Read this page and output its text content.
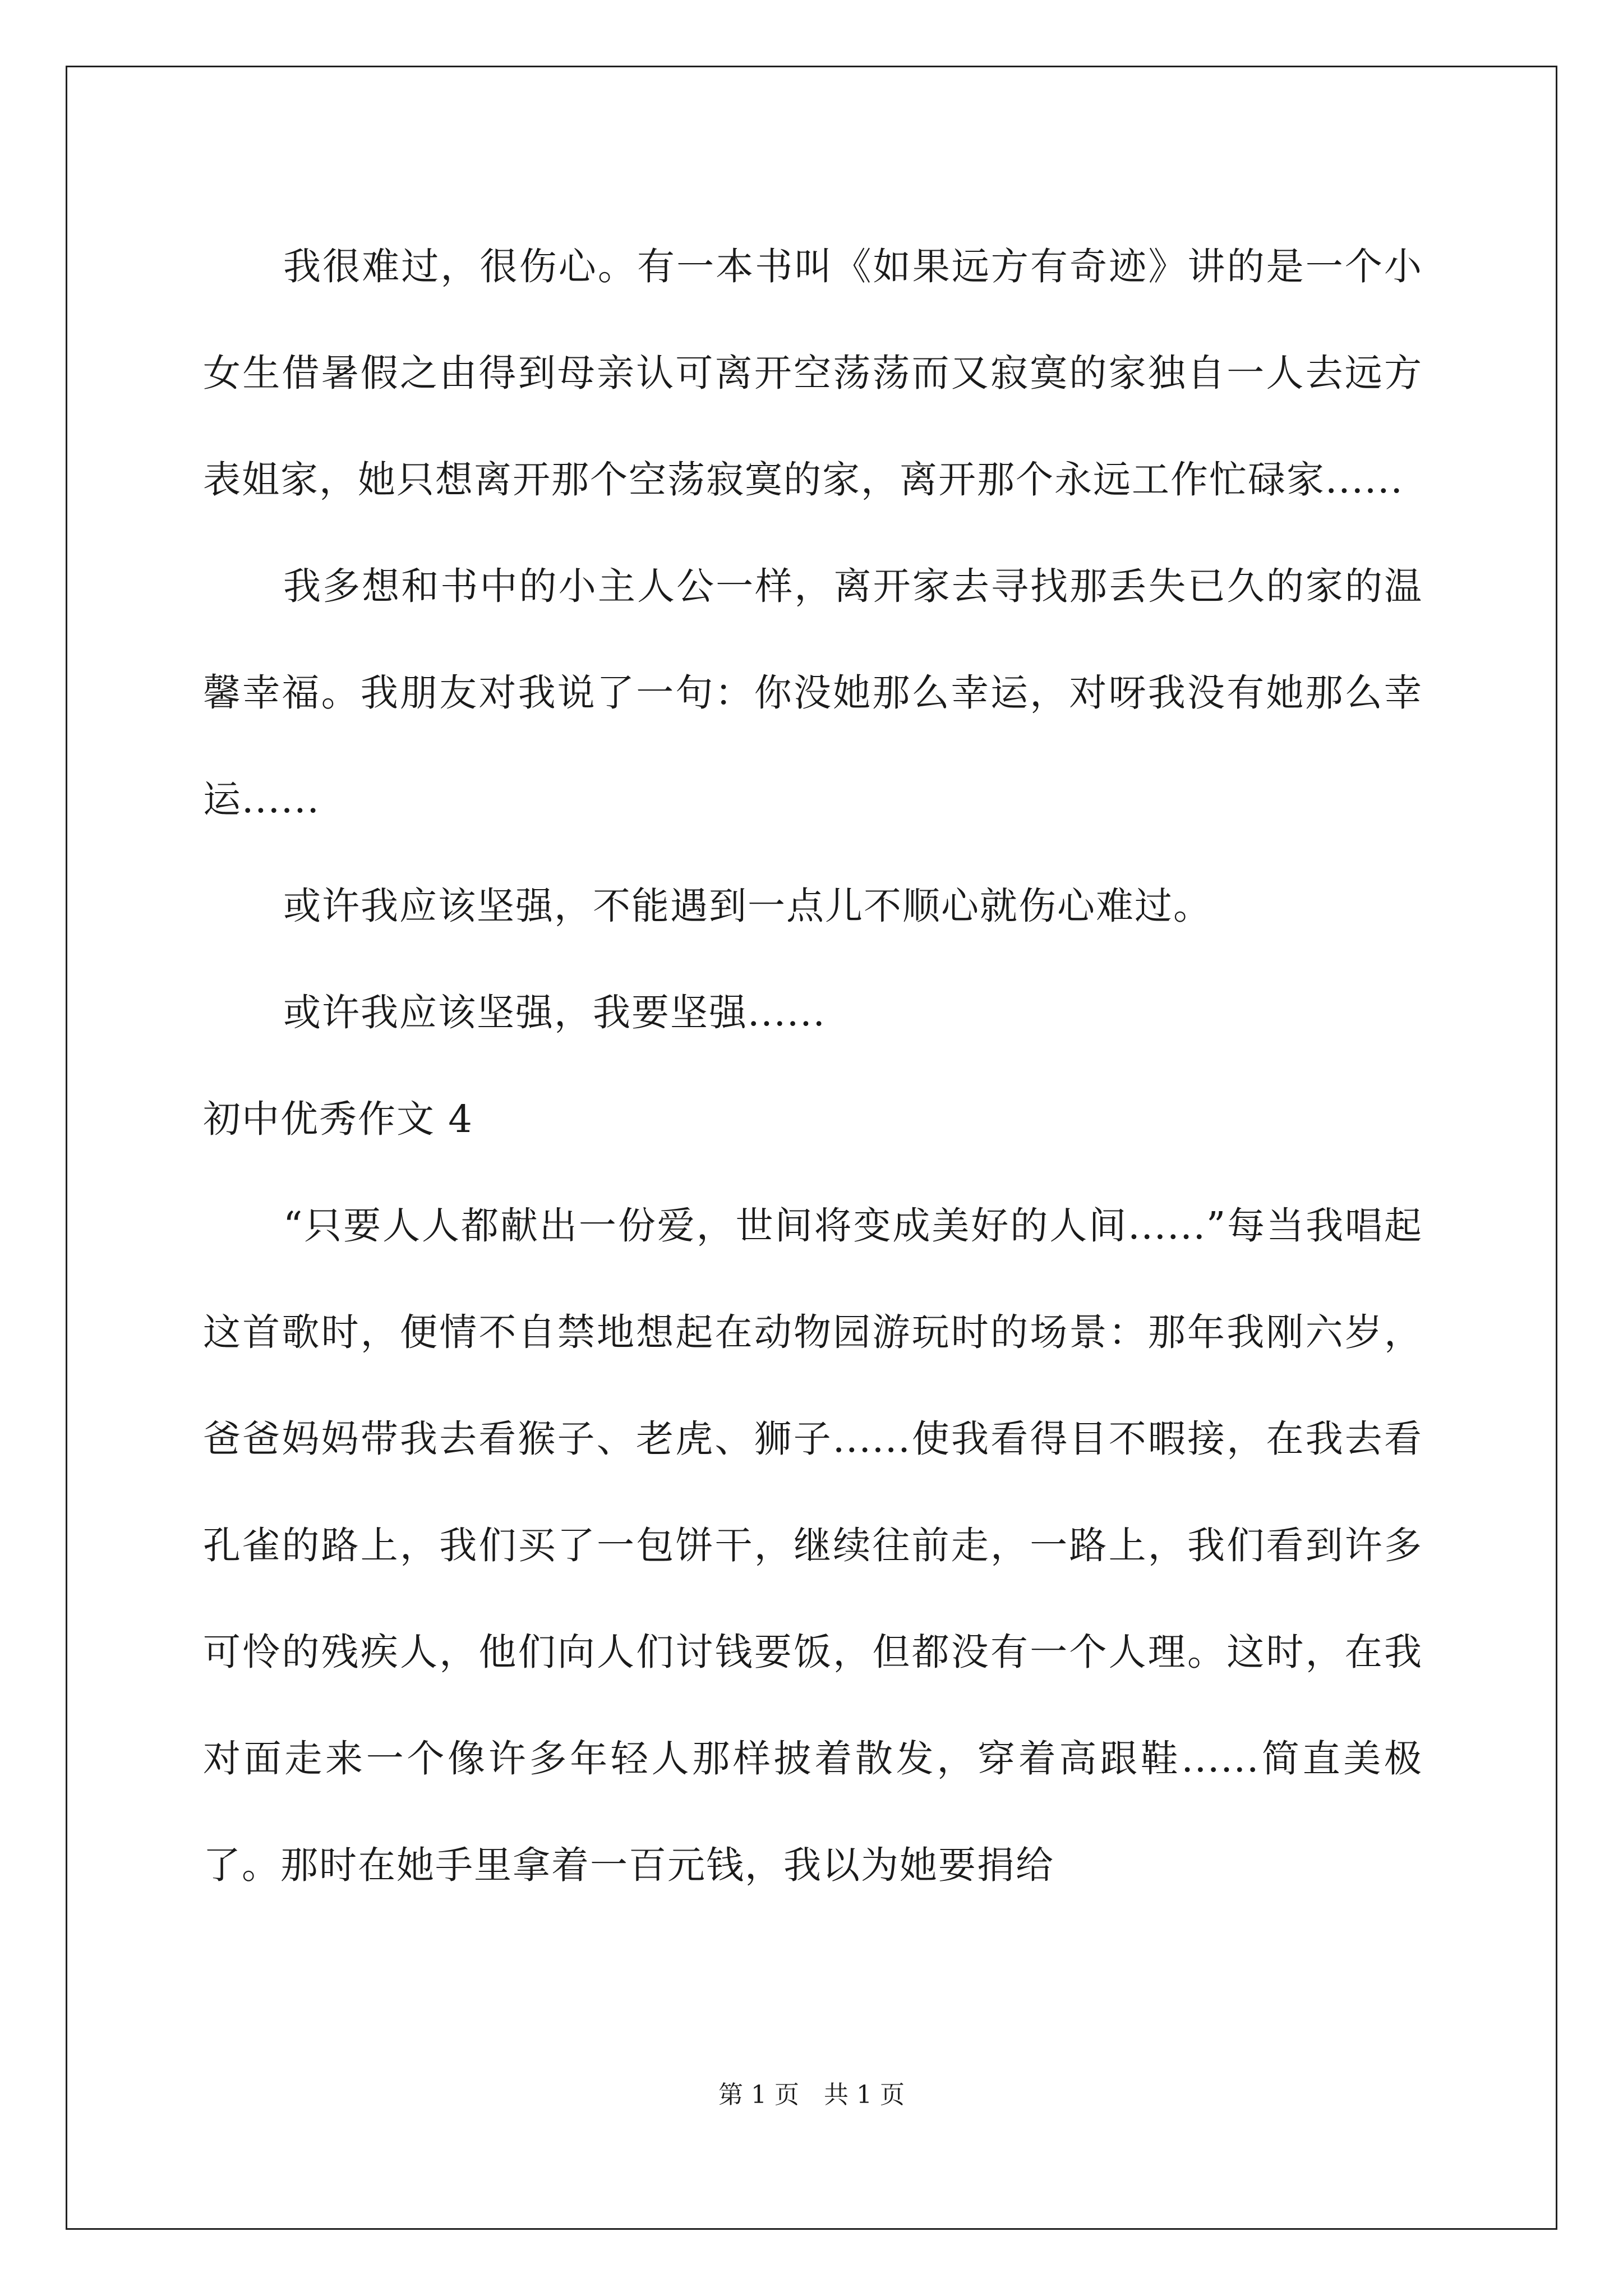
我很难过，很伤心。有一本书叫《如果远方有奇迹》讲的是一个小女生借暑假之由得到母亲认可离开空荡荡而又寂寞的家独自一人去远方表姐家，她只想离开那个空荡寂寞的家，离开那个永远工作忙碌家......

我多想和书中的小主人公一样，离开家去寻找那丢失已久的家的温馨幸福。我朋友对我说了一句：你没她那么幸运，对呀我没有她那么幸运......

或许我应该坚强，不能遇到一点儿不顺心就伤心难过。

或许我应该坚强，我要坚强......

初中优秀作文 4

“只要人人都献出一份爱，世间将变成美好的人间......”每当我唱起这首歌时，便情不自禁地想起在动物园游玩时的场景：那年我刚六岁，爸爸妈妈带我去看猴子、老虎、狮子......使我看得目不暇接，在我去看孔雀的路上，我们买了一包饼干，继续往前走，一路上，我们看到许多可怜的残疾人，他们向人们讨钱要饭，但都没有一个人理。这时，在我对面走来一个像许多年轻人那样披着散发，穿着高跟鞋......简直美极了。那时在她手里拿着一百元钱，我以为她要捐给

第 1 页　共 1 页
